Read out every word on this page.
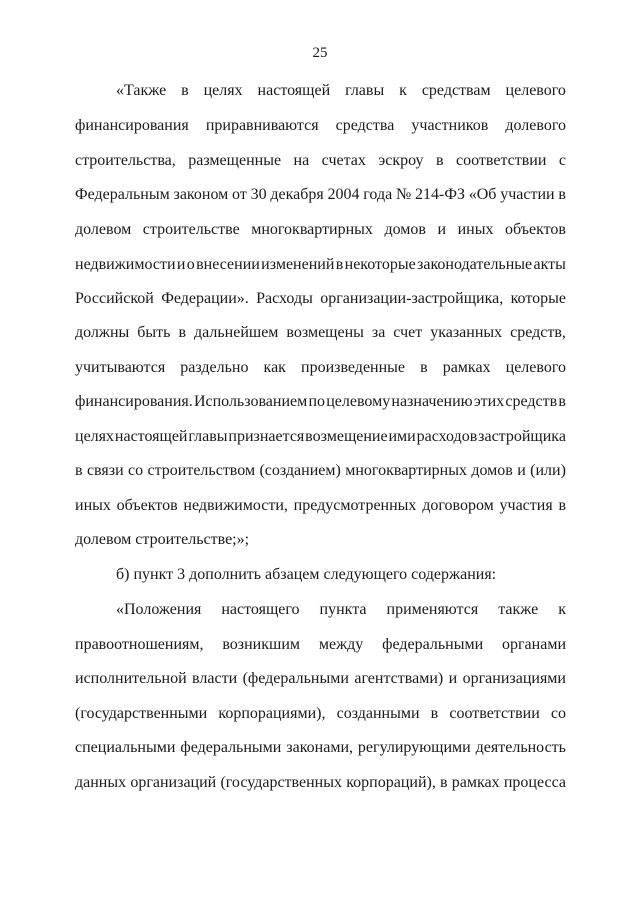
25
«Также в целях настоящей главы к средствам целевого
финансирования приравниваются средства участников долевого
строительства, размещенные на счетах эскроу в соответствии с
Федеральным законом от 30 декабря 2004 года № 214-ФЗ «Об участии в
долевом строительстве многоквартирных домов и иных объектов
недвижимости и о внесении изменений в некоторые законодательные акты
Российской Федерации». Расходы организации-застройщика, которые
должны быть в дальнейшем возмещены за счет указанных средств,
учитываются раздельно как произведенные в рамках целевого
финансирования. Использованием по целевому назначению этих средств в
целях настоящей главы признается возмещение ими расходов застройщика
в связи со строительством (созданием) многоквартирных домов и (или)
иных объектов недвижимости, предусмотренных договором участия в
долевом строительстве;»;
б) пункт 3 дополнить абзацем следующего содержания:
«Положения настоящего пункта применяются также к
правоотношениям, возникшим между федеральными органами
исполнительной власти (федеральными агентствами) и организациями
(государственными корпорациями), созданными в соответствии со
специальными федеральными законами, регулирующими деятельность
данных организаций (государственных корпораций), в рамках процесса
